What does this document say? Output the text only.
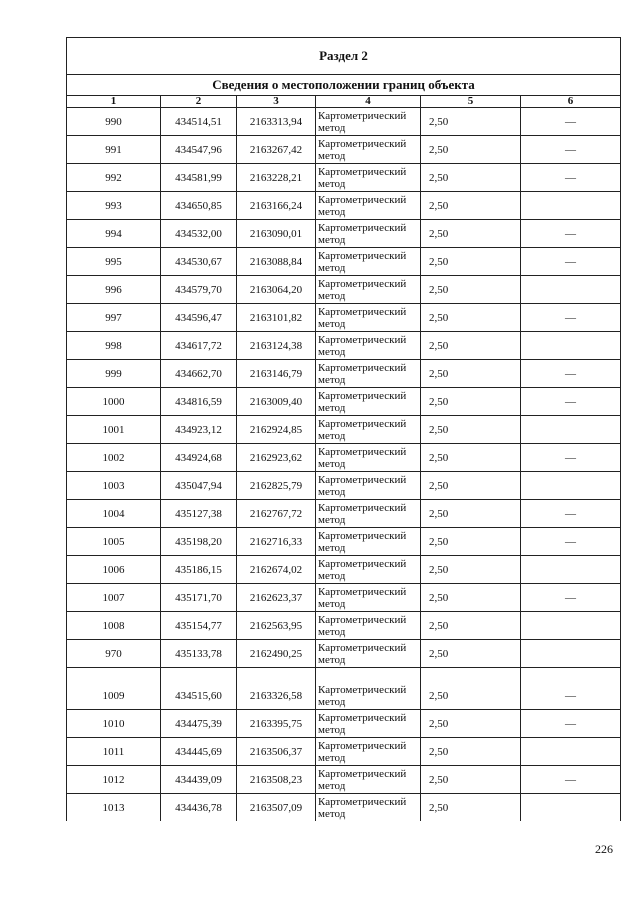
Раздел 2					
Сведения о местоположении границ объекта					
1	2	3	4	5	6
990	434514,51	2163313,94	Картометрический
метод	2,50	—
991	434547,96	2163267,42	Картометрический
метод	2,50	—
992	434581,99	2163228,21	Картометрический
метод	2,50	—
993	434650,85	2163166,24	Картометрический
метод	2,50	
994	434532,00	2163090,01	Картометрический
метод	2,50	—
995	434530,67	2163088,84	Картометрический
метод	2,50	—
996	434579,70	2163064,20	Картометрический
метод	2,50	
997	434596,47	2163101,82	Картометрический
метод	2,50	—
998	434617,72	2163124,38	Картометрический
метод	2,50	
999	434662,70	2163146,79	Картометрический
метод	2,50	—
1000	434816,59	2163009,40	Картометрический
метод	2,50	—
1001	434923,12	2162924,85	Картометрический
метод	2,50	
1002	434924,68	2162923,62	Картометрический
метод	2,50	—
1003	435047,94	2162825,79	Картометрический
метод	2,50	
1004	435127,38	2162767,72	Картометрический
метод	2,50	—
1005	435198,20	2162716,33	Картометрический
метод	2,50	—
1006	435186,15	2162674,02	Картометрический
метод	2,50	
1007	435171,70	2162623,37	Картометрический
метод	2,50	—
1008	435154,77	2162563,95	Картометрический
метод	2,50	
970	435133,78	2162490,25	Картометрический
метод	2,50	

1009	434515,60	2163326,58	Картометрический
метод	2,50	—
1010	434475,39	2163395,75	Картометрический
метод	2,50	—
1011	434445,69	2163506,37	Картометрический
метод	2,50	
1012	434439,09	2163508,23	Картометрический
метод	2,50	—
1013	434436,78	2163507,09	Картометрический
метод	2,50	
226
